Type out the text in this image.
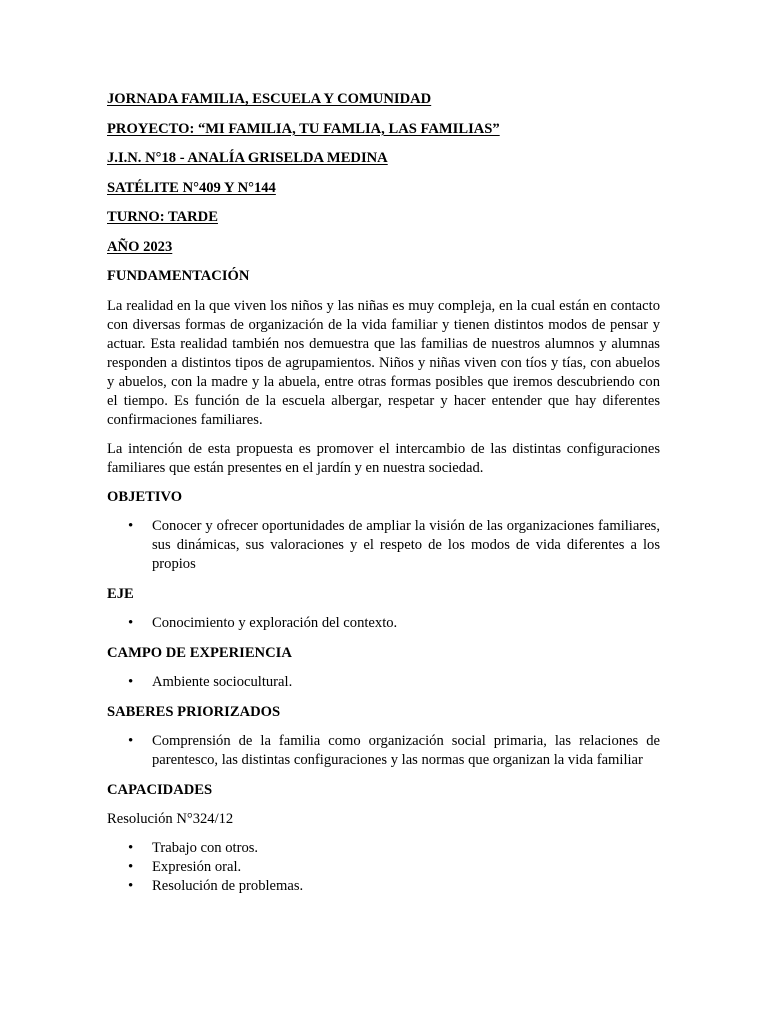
JORNADA FAMILIA, ESCUELA Y COMUNIDAD

PROYECTO: “MI FAMILIA, TU FAMLIA, LAS FAMILIAS”

J.I.N. N°18 - ANALÍA GRISELDA MEDINA

SATÉLITE N°409 Y N°144

TURNO: TARDE

AÑO 2023

FUNDAMENTACIÓN

La realidad en la que viven los niños y las niñas es muy compleja, en la cual están en contacto con diversas formas de organización de la vida familiar y tienen distintos modos de pensar y actuar. Esta realidad también nos demuestra que las familias de nuestros alumnos y alumnas responden a distintos tipos de agrupamientos. Niños y niñas viven con tíos y tías, con abuelos y abuelos, con la madre y la abuela, entre otras formas posibles que iremos descubriendo con el tiempo. Es función de la escuela albergar, respetar y hacer entender que hay diferentes confirmaciones familiares.

La intención de esta propuesta es promover el intercambio de las distintas configuraciones familiares que están presentes en el jardín y en nuestra sociedad.

OBJETIVO

• Conocer y ofrecer oportunidades de ampliar la visión de las organizaciones familiares, sus dinámicas, sus valoraciones y el respeto de los modos de vida diferentes a los propios

EJE

• Conocimiento y exploración del contexto.

CAMPO DE EXPERIENCIA

• Ambiente sociocultural.

SABERES PRIORIZADOS

• Comprensión de la familia como organización social primaria, las relaciones de parentesco, las distintas configuraciones y las normas que organizan la vida familiar

CAPACIDADES

Resolución N°324/12

• Trabajo con otros.
• Expresión oral.
• Resolución de problemas.
